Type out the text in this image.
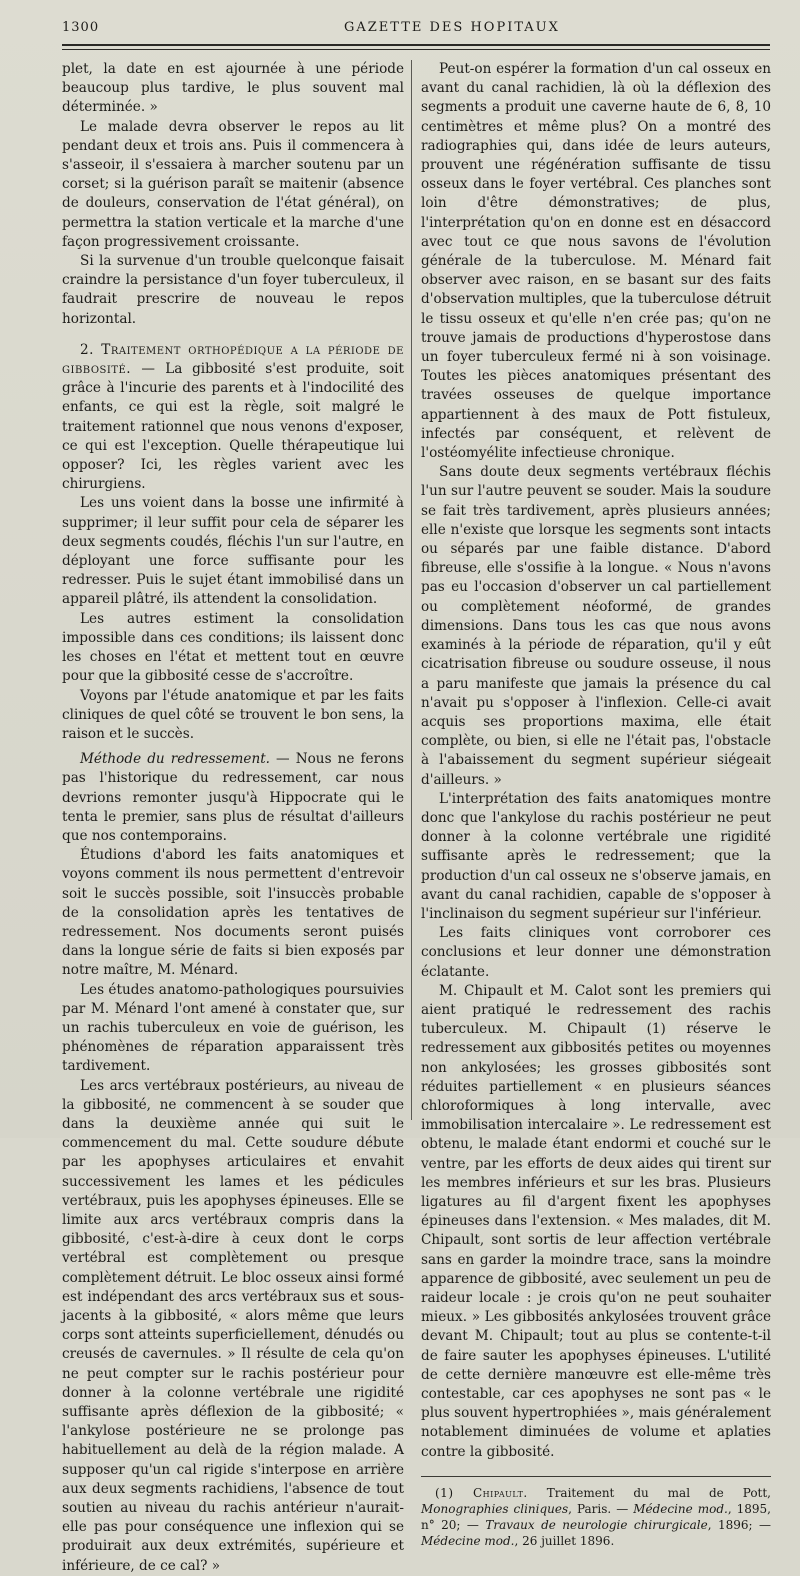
1300	GAZETTE DES HOPITAUX

plet, la date en est ajournée à une période beaucoup plus tardive, le plus souvent mal déterminée. »

Le malade devra observer le repos au lit pendant deux et trois ans. Puis il commencera à s'asseoir, il s'essaiera à marcher soutenu par un corset; si la guérison paraît se maitenir (absence de douleurs, conservation de l'état général), on permettra la station verticale et la marche d'une façon progressivement croissante.

Si la survenue d'un trouble quelconque faisait craindre la persistance d'un foyer tuberculeux, il faudrait prescrire de nouveau le repos horizontal.

2. Traitement orthopédique a la période de gibbosité. — La gibbosité s'est produite, soit grâce à l'incurie des parents et à l'indocilité des enfants, ce qui est la règle, soit malgré le traitement rationnel que nous venons d'exposer, ce qui est l'exception. Quelle thérapeutique lui opposer? Ici, les règles varient avec les chirurgiens.

Les uns voient dans la bosse une infirmité à supprimer; il leur suffit pour cela de séparer les deux segments coudés, fléchis l'un sur l'autre, en déployant une force suffisante pour les redresser. Puis le sujet étant immobilisé dans un appareil plâtré, ils attendent la consolidation.

Les autres estiment la consolidation impossible dans ces conditions; ils laissent donc les choses en l'état et mettent tout en œuvre pour que la gibbosité cesse de s'accroître.

Voyons par l'étude anatomique et par les faits cliniques de quel côté se trouvent le bon sens, la raison et le succès.

Méthode du redressement. — Nous ne ferons pas l'historique du redressement, car nous devrions remonter jusqu'à Hippocrate qui le tenta le premier, sans plus de résultat d'ailleurs que nos contemporains.

Étudions d'abord les faits anatomiques et voyons comment ils nous permettent d'entrevoir soit le succès possible, soit l'insuccès probable de la consolidation après les tentatives de redressement. Nos documents seront puisés dans la longue série de faits si bien exposés par notre maître, M. Ménard.

Les études anatomo-pathologiques poursuivies par M. Ménard l'ont amené à constater que, sur un rachis tuberculeux en voie de guérison, les phénomènes de réparation apparaissent très tardivement.

Les arcs vertébraux postérieurs, au niveau de la gibbosité, ne commencent à se souder que dans la deuxième année qui suit le commencement du mal. Cette soudure débute par les apophyses articulaires et envahit successivement les lames et les pédicules vertébraux, puis les apophyses épineuses. Elle se limite aux arcs vertébraux compris dans la gibbosité, c'est-à-dire à ceux dont le corps vertébral est complètement ou presque complètement détruit. Le bloc osseux ainsi formé est indépendant des arcs vertébraux sus et sous-jacents à la gibbosité, « alors même que leurs corps sont atteints superficiellement, dénudés ou creusés de cavernules. » Il résulte de cela qu'on ne peut compter sur le rachis postérieur pour donner à la colonne vertébrale une rigidité suffisante après déflexion de la gibbosité; « l'ankylose postérieure ne se prolonge pas habituellement au delà de la région malade. A supposer qu'un cal rigide s'interpose en arrière aux deux segments rachidiens, l'absence de tout soutien au niveau du rachis antérieur n'aurait-elle pas pour conséquence une inflexion qui se produirait aux deux extrémités, supérieure et inférieure, de ce cal? »

Peut-on espérer la formation d'un cal osseux en avant du canal rachidien, là où la déflexion des segments a produit une caverne haute de 6, 8, 10 centimètres et même plus? On a montré des radiographies qui, dans idée de leurs auteurs, prouvent une régénération suffisante de tissu osseux dans le foyer vertébral. Ces planches sont loin d'être démonstratives; de plus, l'interprétation qu'on en donne est en désaccord avec tout ce que nous savons de l'évolution générale de la tuberculose. M. Ménard fait observer avec raison, en se basant sur des faits d'observation multiples, que la tuberculose détruit le tissu osseux et qu'elle n'en crée pas; qu'on ne trouve jamais de productions d'hyperostose dans un foyer tuberculeux fermé ni à son voisinage. Toutes les pièces anatomiques présentant des travées osseuses de quelque importance appartiennent à des maux de Pott fistuleux, infectés par conséquent, et relèvent de l'ostéomyélite infectieuse chronique.

Sans doute deux segments vertébraux fléchis l'un sur l'autre peuvent se souder. Mais la soudure se fait très tardivement, après plusieurs années; elle n'existe que lorsque les segments sont intacts ou séparés par une faible distance. D'abord fibreuse, elle s'ossifie à la longue. « Nous n'avons pas eu l'occasion d'observer un cal partiellement ou complètement néoformé, de grandes dimensions. Dans tous les cas que nous avons examinés à la période de réparation, qu'il y eût cicatrisation fibreuse ou soudure osseuse, il nous a paru manifeste que jamais la présence du cal n'avait pu s'opposer à l'inflexion. Celle-ci avait acquis ses proportions maxima, elle était complète, ou bien, si elle ne l'était pas, l'obstacle à l'abaissement du segment supérieur siégeait d'ailleurs. »

L'interprétation des faits anatomiques montre donc que l'ankylose du rachis postérieur ne peut donner à la colonne vertébrale une rigidité suffisante après le redressement; que la production d'un cal osseux ne s'observe jamais, en avant du canal rachidien, capable de s'opposer à l'inclinaison du segment supérieur sur l'inférieur.

Les faits cliniques vont corroborer ces conclusions et leur donner une démonstration éclatante.

M. Chipault et M. Calot sont les premiers qui aient pratiqué le redressement des rachis tuberculeux. M. Chipault (1) réserve le redressement aux gibbosités petites ou moyennes non ankylosées; les grosses gibbosités sont réduites partiellement « en plusieurs séances chloroformiques à long intervalle, avec immobilisation intercalaire ». Le redressement est obtenu, le malade étant endormi et couché sur le ventre, par les efforts de deux aides qui tirent sur les membres inférieurs et sur les bras. Plusieurs ligatures au fil d'argent fixent les apophyses épineuses dans l'extension. « Mes malades, dit M. Chipault, sont sortis de leur affection vertébrale sans en garder la moindre trace, sans la moindre apparence de gibbosité, avec seulement un peu de raideur locale : je crois qu'on ne peut souhaiter mieux. » Les gibbosités ankylosées trouvent grâce devant M. Chipault; tout au plus se contente-t-il de faire sauter les apophyses épineuses. L'utilité de cette dernière manœuvre est elle-même très contestable, car ces apophyses ne sont pas « le plus souvent hypertrophiées », mais généralement notablement diminuées de volume et aplaties contre la gibbosité.

(1) Chipault. Traitement du mal de Pott, Monographies cliniques, Paris. — Médecine mod., 1895, n° 20; — Travaux de neurologie chirurgicale, 1896; — Médecine mod., 26 juillet 1896.
